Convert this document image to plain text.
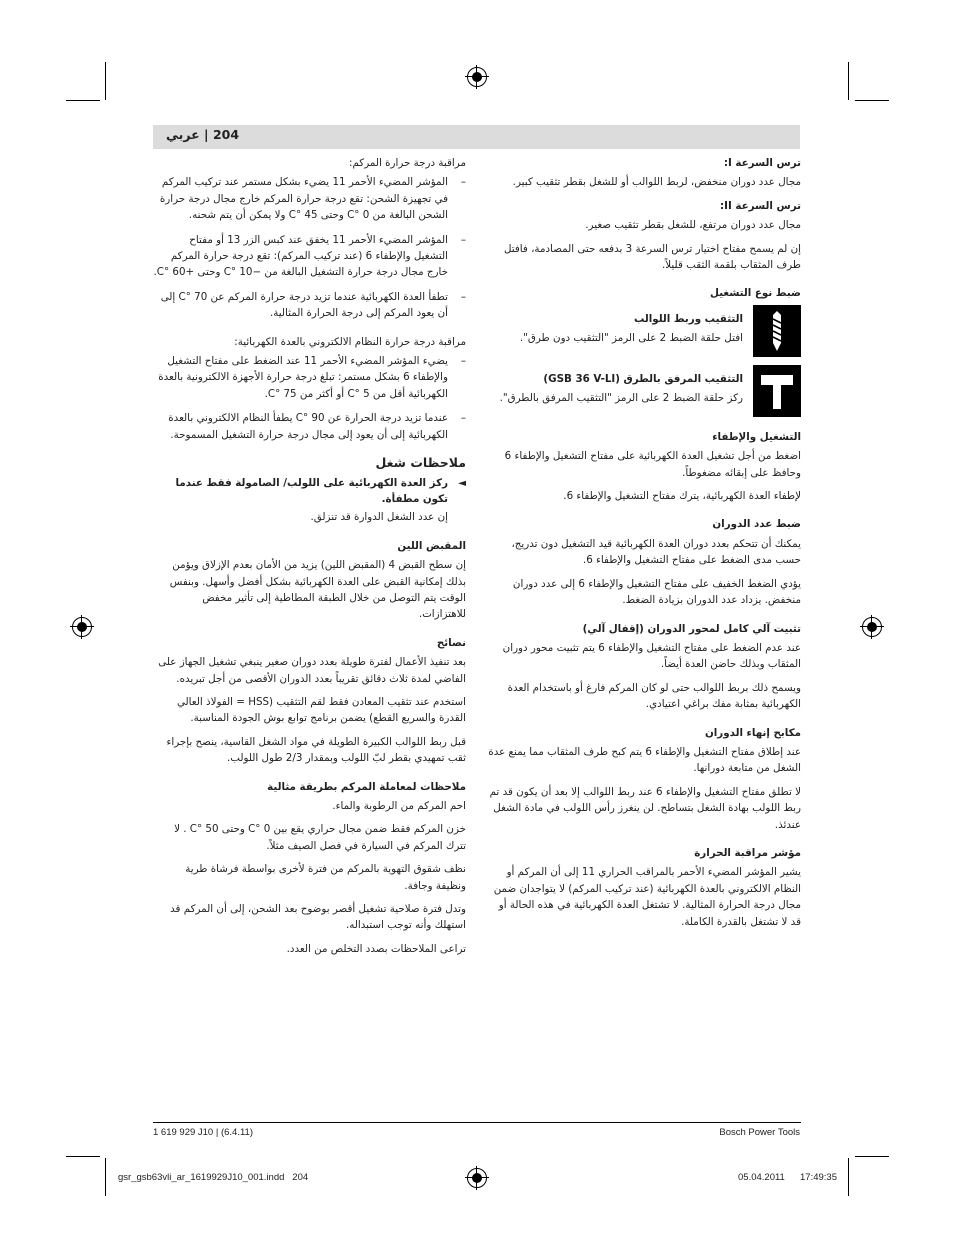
204 | عربي
ترس السرعة I:

مجال عدد دوران منخفض، لربط اللوالب أو للشغل بقطر تثقيب كبير.

ترس السرعة II:

مجال عدد دوران مرتفع، للشغل بقطر تثقيب صغير.

إن لم يسمح مفتاح اختيار ترس السرعة 3 بدفعه حتى المصادمة، فافتل طرف المثقاب بلقمة الثقب قليلاً.

ضبط نوع التشغيل
التثقيب وربط اللوالب

افتل حلقة الضبط 2 على الرمز "التثقيب دون طرق".

التثقيب المرفق بالطرق (GSB 36 V-LI)

ركز حلقة الضبط 2 على الرمز "التثقيب المرفق بالطرق".

التشغيل والإطفاء

اضغط من أجل تشغيل العدة الكهربائية على مفتاح التشغيل والإطفاء 6 وحافظ على إبقائه مضغوطاً.

لإطفاء العدة الكهربائية، يترك مفتاح التشغيل والإطفاء 6.

ضبط عدد الدوران

يمكنك أن تتحكم بعدد دوران العدة الكهربائية قيد التشغيل دون تدريج، حسب مدى الضغط على مفتاح التشغيل والإطفاء 6.

يؤدي الضغط الخفيف على مفتاح التشغيل والإطفاء 6 إلى عدد دوران منخفض. يزداد عدد الدوران بزيادة الضغط.

تثبيت آلي كامل لمحور الدوران (إقفال آلي)

عند عدم الضغط على مفتاح التشغيل والإطفاء 6 يتم تثبيت محور دوران المثقاب وبذلك حاضن العدة أيضاً.

ويسمح ذلك بربط اللوالب حتى لو كان المركم فارغ أو باستخدام العدة الكهربائية بمثابة مفك براغي اعتيادي.

مكابح إنهاء الدوران

عند إطلاق مفتاح التشغيل والإطفاء 6 يتم كبح طرف المثقاب مما يمنع عدة الشغل من متابعة دورانها.

لا تطلق مفتاح التشغيل والإطفاء 6 عند ربط اللوالب إلا بعد أن يكون قد تم ربط اللولب بهادة الشغل بتساطح. لن ينغرز رأس اللولب في مادة الشغل عندئذ.

مؤشر مراقبة الحرارة

يشير المؤشر المضيء الأحمر بالمراقب الحراري 11 إلى أن المركم أو النظام الالكتروني بالعدة الكهربائية (عند تركيب المركم) لا يتواجدان ضمن مجال درجة الحرارة المثالية. لا تشتغل العدة الكهربائية في هذه الحالة أو قد لا تشتغل بالقدرة الكاملة.

مراقبة درجة حرارة المركم:

–
المؤشر المضيء الأحمر 11 يضيء بشكل مستمر عند تركيب المركم في تجهيزة الشحن: تقع درجة حرارة المركم خارج مجال درجة حرارة الشحن البالغة من 0 °C وحتى 45 °C ولا يمكن أن يتم شحنه.
–
المؤشر المضيء الأحمر 11 يخفق عند كبس الزر 13 أو مفتاح التشغيل والإطفاء 6 (عند تركيب المركم): تقع درجة حرارة المركم خارج مجال درجة حرارة التشغيل البالغة من −10 °C وحتى +60 °C.
–
تطفأ العدة الكهربائية عندما تزيد درجة حرارة المركم عن 70 °C إلى أن يعود المركم إلى درجة الحرارة المثالية.

مراقبة درجة حرارة النظام الالكتروني بالعدة الكهربائية:

–
يضيء المؤشر المضيء الأحمر 11 عند الضغط على مفتاح التشغيل والإطفاء 6 بشكل مستمر: تبلغ درجة حرارة الأجهزة الالكترونية بالعدة الكهربائية أقل من 5 °C أو أكثر من 75 °C.
–
عندما تزيد درجة الحرارة عن 90 °C يطفأ النظام الالكتروني بالعدة الكهربائية إلى أن يعود إلى مجال درجة حرارة التشغيل المسموحة.
ملاحظات شغل
◄
ركز العدة الكهربائية على اللولب/ الصامولة فقط عندما تكون مطفأة.

إن عدد الشغل الدوارة قد تنزلق.

المقبض اللين

إن سطح القبض 4 (المقبض اللين) يزيد من الأمان بعدم الإزلاق ويؤمن بذلك إمكانية القبض على العدة الكهربائية بشكل أفضل وأسهل. وبنفس الوقت يتم التوصل من خلال الطبقة المطاطية إلى تأثير مخفض للاهتزازات.

نصائح

بعد تنفيذ الأعمال لفترة طويلة بعدد دوران صغير ينبغي تشغيل الجهاز على الفاضي لمدة ثلاث دقائق تقريباً بعدد الدوران الأقصى من أجل تبريده.

استخدم عند تثقيب المعادن فقط لقم التثقيب (HSS = الفولاذ العالي القدرة والسريع القطع) يضمن برنامج توابع بوش الجودة المناسبة.

قبل ربط اللوالب الكبيرة الطويلة في مواد الشغل القاسية، ينصح بإجراء ثقب تمهيدي بقطر لبّ اللولب وبمقدار 2/3 طول اللولب.

ملاحظات لمعاملة المركم بطريقة مثالية

احم المركم من الرطوبة والماء.

خزن المركم فقط ضمن مجال حراري يقع بين 0 °C وحتى 50 °C . لا تترك المركم في السيارة في فصل الصيف مثلاً.

نظف شقوق التهوية بالمركم من فترة لأخرى بواسطة فرشاة طرية ونظيفة وجافة.

وتدل فترة صلاحية تشغيل أقصر بوضوح بعد الشحن، إلى أن المركم قد استهلك وأنه توجب استبداله.

تراعى الملاحظات بصدد التخلص من العدد.

1 619 929 J10 | (6.4.11)	Bosch Power Tools
gsr_gsb63vli_ar_1619929J10_001.indd   204	05.04.2011 17:49:35
